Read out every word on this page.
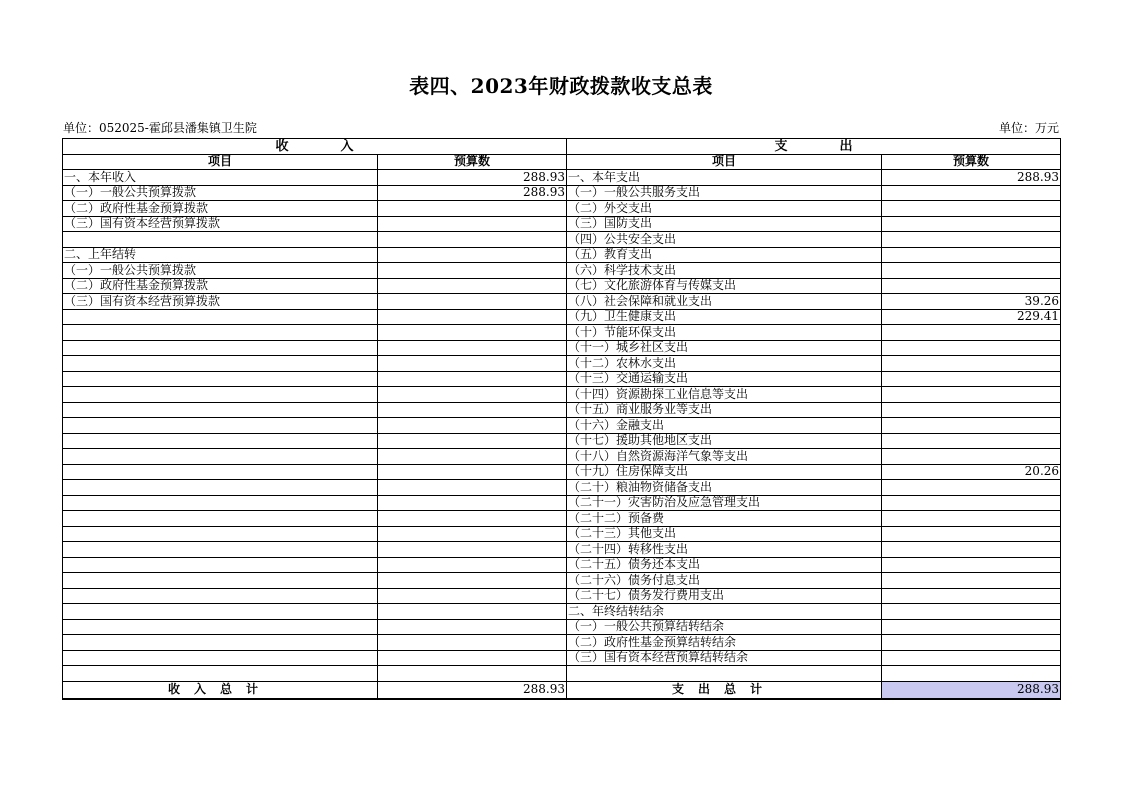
表四、2023年财政拨款收支总表
单位：052025-霍邱县潘集镇卫生院	单位：万元
收　　　　入		支　　　　出	
项目	预算数	项目	预算数
一、本年收入	288.93	一、本年支出	288.93
（一）一般公共预算拨款	288.93	（一）一般公共服务支出	
（二）政府性基金预算拨款		（二）外交支出	
（三）国有资本经营预算拨款		（三）国防支出	
		（四）公共安全支出	
二、上年结转		（五）教育支出	
（一）一般公共预算拨款		（六）科学技术支出	
（二）政府性基金预算拨款		（七）文化旅游体育与传媒支出	
（三）国有资本经营预算拨款		（八）社会保障和就业支出	39.26
		（九）卫生健康支出	229.41
		（十）节能环保支出	
		（十一）城乡社区支出	
		（十二）农林水支出	
		（十三）交通运输支出	
		（十四）资源勘探工业信息等支出	
		（十五）商业服务业等支出	
		（十六）金融支出	
		（十七）援助其他地区支出	
		（十八）自然资源海洋气象等支出	
		（十九）住房保障支出	20.26
		（二十）粮油物资储备支出	
		（二十一）灾害防治及应急管理支出	
		（二十二）预备费	
		（二十三）其他支出	
		（二十四）转移性支出	
		（二十五）债务还本支出	
		（二十六）债务付息支出	
		（二十七）债务发行费用支出	
		二、年终结转结余	
		（一）一般公共预算结转结余	
		（二）政府性基金预算结转结余	
		（三）国有资本经营预算结转结余	

收入总计	288.93	支出总计	288.93
